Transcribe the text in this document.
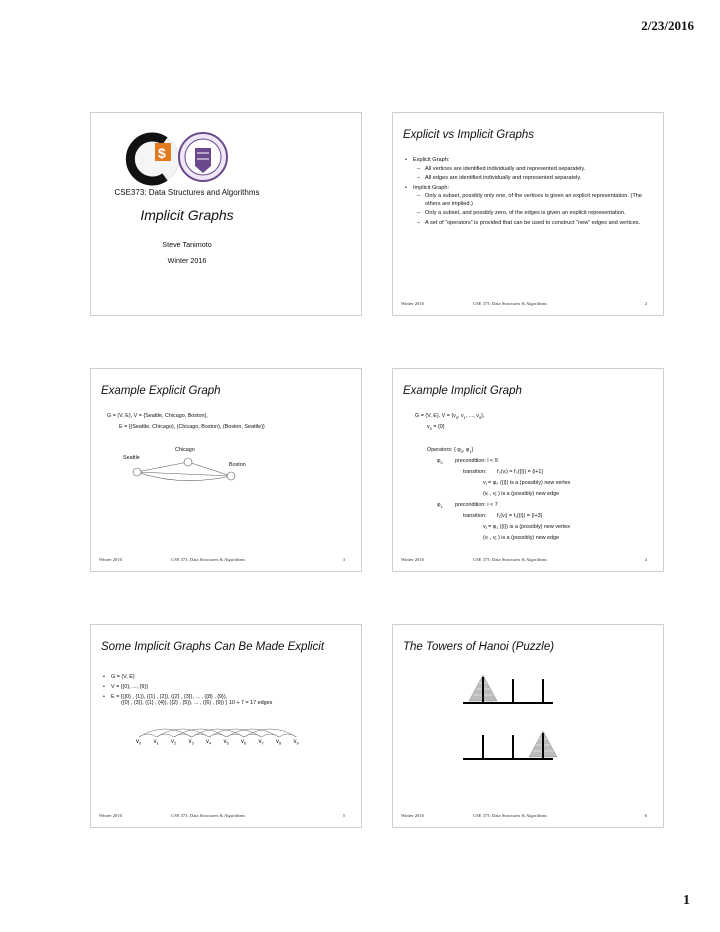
2/23/2016
$
CSE373: Data Structures and Algorithms
Implicit Graphs
Steve Tanimoto
Winter 2016
Explicit vs Implicit Graphs
• Explicit Graph:
– All vertices are identified individually and represented separately.
– All edges are identified individually and represented separately.
• Implicit Graph:
– Only a subset, possibly only one, of the vertices is given an explicit representation. (The others are implied.)
– Only a subset, and possibly zero, of the edges is given an explicit representation.
– A set of “operators” is provided that can be used to construct “new” edges and vertices.
Winter 2016	CSE 373: Data Structures & Algorithms	2
Example Explicit Graph
G = (V, E), V = {Seattle, Chicago, Boston},
E = {(Seattle, Chicago), (Chicago, Boston), (Boston, Seattle)}
Chicago
Seattle
Boston
Winter 2016	CSE 373: Data Structures & Algorithms	3
Example Implicit Graph
G = (V, E), $V = \{v_0$, $v_1$, ..., $v_9$},
$v_0 = \{0\}$
Operators: { $\varphi_0$, $\varphi_1$}
$\varphi_0$ precondition: i < 9
transition: f₀(vᵢ) = f₀({i}) = {i+1}
vⱼ = φ₀ ({i}) is a (possibly) new vertex
(vᵢ , vⱼ ) is a (possibly) new edge
$\varphi_1$ precondition: i < 7
transition: f₁(vᵢ) = f₁({i}) = {i+3}
vⱼ = φ₁ ({i}) is a (possibly) new vertex
(vᵢ , vⱼ ) is a (possibly) new edge
Winter 2016	CSE 373: Data Structures & Algorithms	4
Some Implicit Graphs Can Be Made Explicit
• G = (V, E)
• V = {{0}, ..., {9}}
• E = {({0} , {1}), ({1} , {2}), ({2} , {3}), ... , ({8} , {9}),
({0} , {3}), ({1} , {4}), ({2} , {5}), ... , ({6} , {9}) } 10 + 7 = 17 edges
$v_0$ $v_1$ $v_2$ $v_3$ $v_4$ $v_5$ $v_6$ $v_7$ $v_8$ $v_9$
Winter 2016	CSE 373: Data Structures & Algorithms	5
The Towers of Hanoi (Puzzle)
Winter 2016	CSE 373: Data Structures & Algorithms	6
1
